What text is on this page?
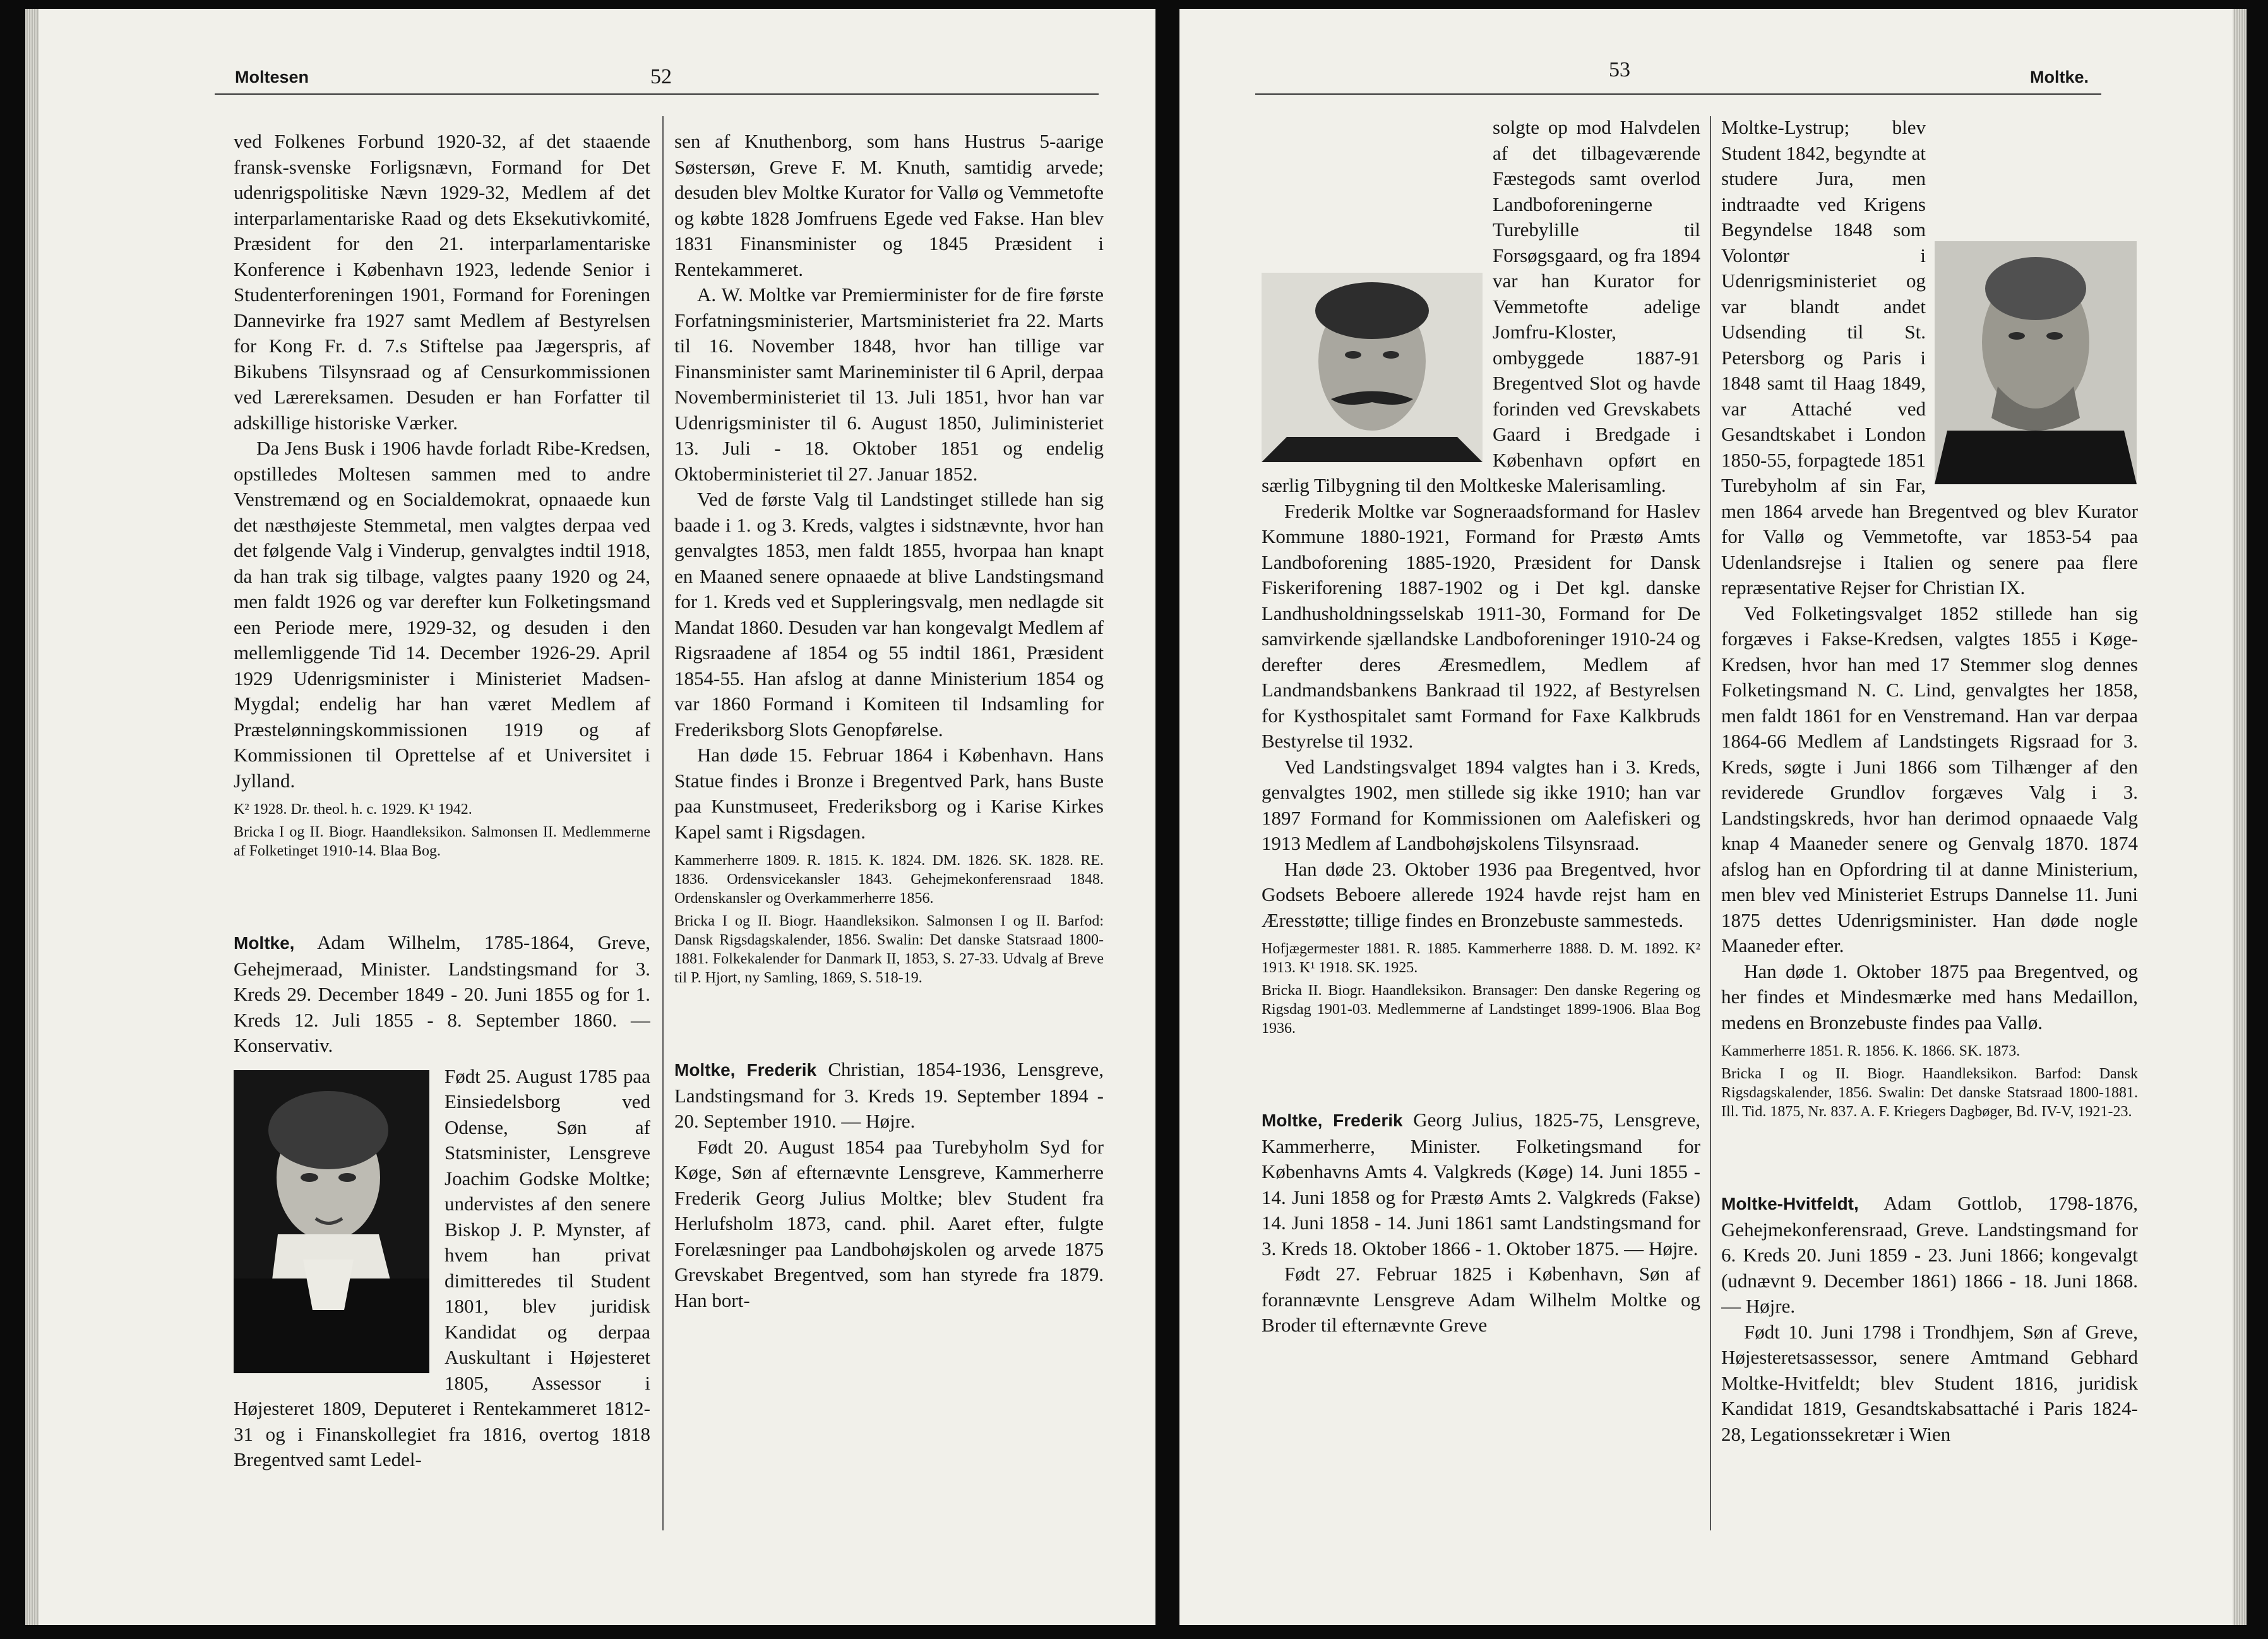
Moltesen	52

ved Folkenes Forbund 1920-32, af det staaende fransk-svenske Forligsnævn, Formand for Det udenrigspolitiske Nævn 1929-32, Medlem af det interparlamentariske Raad og dets Eksekutivkomité, Præsident for den 21. interparlamentariske Konference i København 1923, ledende Senior i Studenterforeningen 1901, Formand for Foreningen Dannevirke fra 1927 samt Medlem af Bestyrelsen for Kong Fr. d. 7.s Stiftelse paa Jægerspris, af Bikubens Tilsynsraad og af Censurkommissionen ved Lærereksamen. Desuden er han Forfatter til adskillige historiske Værker.

Da Jens Busk i 1906 havde forladt Ribe-Kredsen, opstilledes Moltesen sammen med to andre Venstremænd og en Socialdemokrat, opnaaede kun det næsthøjeste Stemmetal, men valgtes derpaa ved det følgende Valg i Vinderup, genvalgtes indtil 1918, da han trak sig tilbage, valgtes paany 1920 og 24, men faldt 1926 og var derefter kun Folketingsmand een Periode mere, 1929-32, og desuden i den mellemliggende Tid 14. December 1926-29. April 1929 Udenrigsminister i Ministeriet Madsen-Mygdal; endelig har han været Medlem af Præstelønningskommissionen 1919 og af Kommissionen til Oprettelse af et Universitet i Jylland.

K² 1928. Dr. theol. h. c. 1929. K¹ 1942.

Bricka I og II. Biogr. Haandleksikon. Salmonsen II. Medlemmerne af Folketinget 1910-14. Blaa Bog.

Moltke, Adam Wilhelm, 1785-1864, Greve, Gehejmeraad, Minister. Landstingsmand for 3. Kreds 29. December 1849 - 20. Juni 1855 og for 1. Kreds 12. Juli 1855 - 8. September 1860. — Konservativ.

Født 25. August 1785 paa Einsiedelsborg ved Odense, Søn af Statsminister, Lensgreve Joachim Godske Moltke; undervistes af den senere Biskop J. P. Mynster, af hvem han privat dimitteredes til Student 1801, blev juridisk Kandidat og derpaa Auskultant i Højesteret 1805, Assessor i Højesteret 1809, Deputeret i Rentekammeret 1812-31 og i Finanskollegiet fra 1816, overtog 1818 Bregentved samt Ledel-

sen af Knuthenborg, som hans Hustrus 5-aarige Søstersøn, Greve F. M. Knuth, samtidig arvede; desuden blev Moltke Kurator for Vallø og Vemmetofte og købte 1828 Jomfruens Egede ved Fakse. Han blev 1831 Finansminister og 1845 Præsident i Rentekammeret.

A. W. Moltke var Premierminister for de fire første Forfatningsministerier, Martsministeriet fra 22. Marts til 16. November 1848, hvor han tillige var Finansminister samt Marineminister til 6 April, derpaa Novemberministeriet til 13. Juli 1851, hvor han var Udenrigsminister til 6. August 1850, Juliministeriet 13. Juli - 18. Oktober 1851 og endelig Oktoberministeriet til 27. Januar 1852.

Ved de første Valg til Landstinget stillede han sig baade i 1. og 3. Kreds, valgtes i sidstnævnte, hvor han genvalgtes 1853, men faldt 1855, hvorpaa han knapt en Maaned senere opnaaede at blive Landstingsmand for 1. Kreds ved et Suppleringsvalg, men nedlagde sit Mandat 1860. Desuden var han kongevalgt Medlem af Rigsraadene af 1854 og 55 indtil 1861, Præsident 1854-55. Han afslog at danne Ministerium 1854 og var 1860 Formand i Komiteen til Indsamling for Frederiksborg Slots Genopførelse.

Han døde 15. Februar 1864 i København. Hans Statue findes i Bronze i Bregentved Park, hans Buste paa Kunstmuseet, Frederiksborg og i Karise Kirkes Kapel samt i Rigsdagen.

Kammerherre 1809. R. 1815. K. 1824. DM. 1826. SK. 1828. RE. 1836. Ordensvicekansler 1843. Gehejmekonferensraad 1848. Ordenskansler og Overkammerherre 1856.

Bricka I og II. Biogr. Haandleksikon. Salmonsen I og II. Barfod: Dansk Rigsdagskalender, 1856. Swalin: Det danske Statsraad 1800-1881. Folkekalender for Danmark II, 1853, S. 27-33. Udvalg af Breve til P. Hjort, ny Samling, 1869, S. 518-19.

Moltke, Frederik Christian, 1854-1936, Lensgreve, Landstingsmand for 3. Kreds 19. September 1894 - 20. September 1910. — Højre.

Født 20. August 1854 paa Turebyholm Syd for Køge, Søn af efternævnte Lensgreve, Kammerherre Frederik Georg Julius Moltke; blev Student fra Herlufsholm 1873, cand. phil. Aaret efter, fulgte Forelæsninger paa Landbohøjskolen og arvede 1875 Grevskabet Bregentved, som han styrede fra 1879. Han bort-

53	Moltke.

solgte op mod Halvdelen af det tilbageværende Fæstegods samt overlod Landboforeningerne Turebylille til Forsøgsgaard, og fra 1894 var han Kurator for Vemmetofte adelige Jomfru-Kloster, ombyggede 1887-91 Bregentved Slot og havde forinden ved Grevskabets Gaard i Bredgade i København opført en særlig Tilbygning til den Moltkeske Malerisamling.

Frederik Moltke var Sognerаadsformand for Haslev Kommune 1880-1921, Formand for Præstø Amts Landboforening 1885-1920, Præsident for Dansk Fiskeriforening 1887-1902 og i Det kgl. danske Landhusholdningsselskab 1911-30, Formand for De samvirkende sjællandske Landboforeninger 1910-24 og derefter deres Æresmedlem, Medlem af Landmandsbankens Bankraad til 1922, af Bestyrelsen for Kysthospitalet samt Formand for Faxe Kalkbruds Bestyrelse til 1932.

Ved Landstingsvalget 1894 valgtes han i 3. Kreds, genvalgtes 1902, men stillede sig ikke 1910; han var 1897 Formand for Kommissionen om Aalefiskeri og 1913 Medlem af Landbohøjskolens Tilsynsraad.

Han døde 23. Oktober 1936 paa Bregentved, hvor Godsets Beboere allerede 1924 havde rejst ham en Æresstøtte; tillige findes en Bronzebuste sammesteds.

Hofjægermester 1881. R. 1885. Kammerherre 1888. D. M. 1892. K² 1913. K¹ 1918. SK. 1925.

Bricka II. Biogr. Haandleksikon. Bransager: Den danske Regering og Rigsdag 1901-03. Medlemmerne af Landstinget 1899-1906. Blaa Bog 1936.

Moltke, Frederik Georg Julius, 1825-75, Lensgreve, Kammerherre, Minister. Folketingsmand for Københavns Amts 4. Valgkreds (Køge) 14. Juni 1855 - 14. Juni 1858 og for Præstø Amts 2. Valgkreds (Fakse) 14. Juni 1858 - 14. Juni 1861 samt Landstingsmand for 3. Kreds 18. Oktober 1866 - 1. Oktober 1875. — Højre.

Født 27. Februar 1825 i København, Søn af forannævnte Lensgreve Adam Wilhelm Moltke og Broder til efternævnte Greve

Moltke-Lystrup; blev Student 1842, begyndte at studere Jura, men indtraadte ved Krigens Begyndelse 1848 som Volontør i Udenrigsministeriet og var blandt andet Udsending til St. Petersborg og Paris i 1848 samt til Haag 1849, var Attaché ved Gesandtskabet i London 1850-55, forpagtede 1851 Turebyholm af sin Far, men 1864 arvede han Bregentved og blev Kurator for Vallø og Vemmetofte, var 1853-54 paa Udenlandsrejse i Italien og senere paa flere repræsentative Rejser for Christian IX.

Ved Folketingsvalget 1852 stillede han sig forgæves i Fakse-Kredsen, valgtes 1855 i Køge-Kredsen, hvor han med 17 Stemmer slog dennes Folketingsmand N. C. Lind, genvalgtes her 1858, men faldt 1861 for en Venstremand. Han var derpaa 1864-66 Medlem af Landstingets Rigsraad for 3. Kreds, søgte i Juni 1866 som Tilhænger af den reviderede Grundlov forgæves Valg i 3. Landstingskreds, hvor han derimod opnaaede Valg knap 4 Maaneder senere og Genvalg 1870. 1874 afslog han en Opfordring til at danne Ministerium, men blev ved Ministeriet Estrups Dannelse 11. Juni 1875 dettes Udenrigsminister. Han døde nogle Maaneder efter.

Han døde 1. Oktober 1875 paa Bregentved, og her findes et Mindesmærke med hans Medaillon, medens en Bronzebuste findes paa Vallø.

Kammerherre 1851. R. 1856. K. 1866. SK. 1873.

Bricka I og II. Biogr. Haandleksikon. Barfod: Dansk Rigsdagskalender, 1856. Swalin: Det danske Statsraad 1800-1881. Ill. Tid. 1875, Nr. 837. A. F. Kriegers Dagbøger, Bd. IV-V, 1921-23.

Moltke-Hvitfeldt, Adam Gottlob, 1798-1876, Gehejmekonferensraad, Greve. Landstingsmand for 6. Kreds 20. Juni 1859 - 23. Juni 1866; kongevalgt (udnævnt 9. December 1861) 1866 - 18. Juni 1868. — Højre.

Født 10. Juni 1798 i Trondhjem, Søn af Greve, Højesteretsassessor, senere Amtmand Gebhard Moltke-Hvitfeldt; blev Student 1816, juridisk Kandidat 1819, Gesandtskabsattaché i Paris 1824-28, Legationssekretær i Wien
